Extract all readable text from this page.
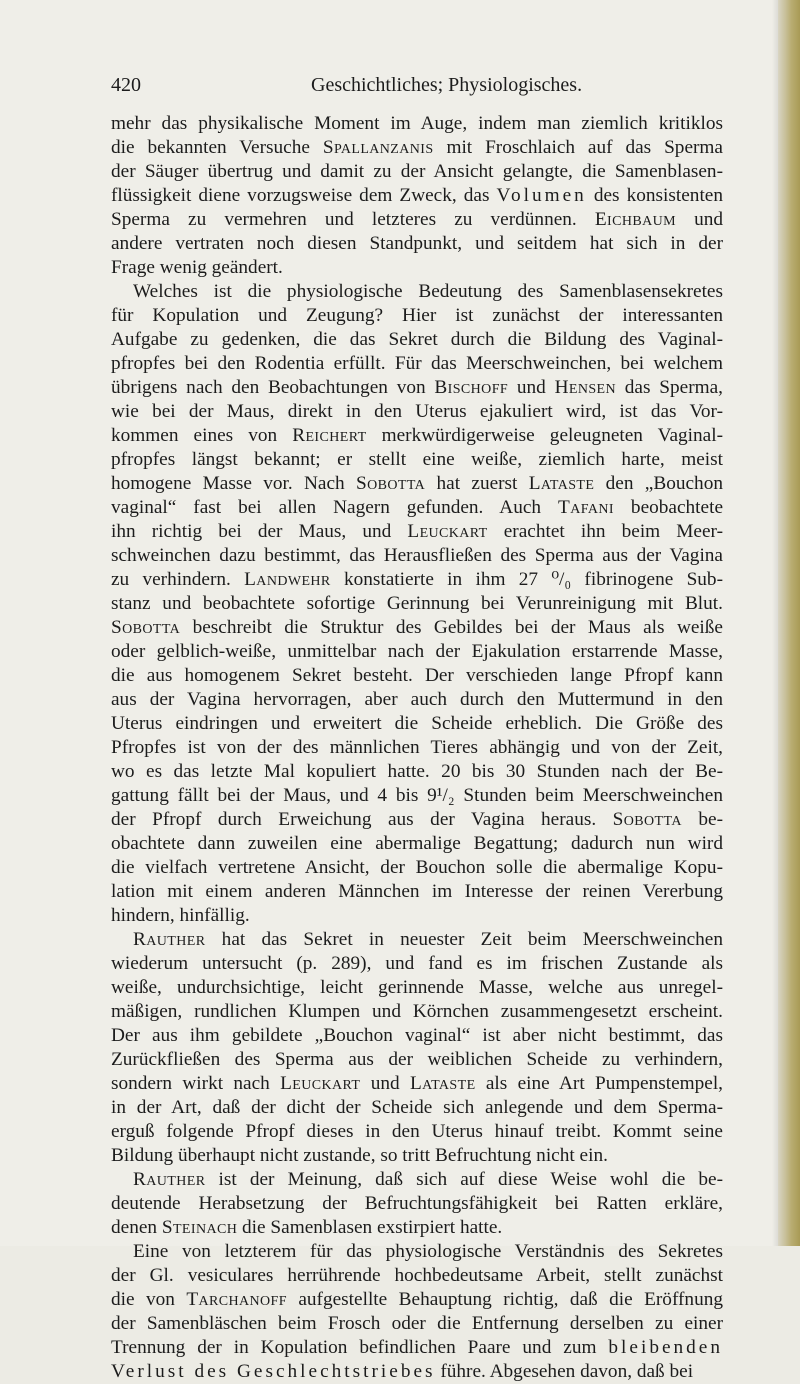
420	Geschichtliches; Physiologisches.
mehr das physikalische Moment im Auge, indem man ziemlich kritiklos
die bekannten Versuche Spallanzanis mit Froschlaich auf das Sperma
der Säuger übertrug und damit zu der Ansicht gelangte, die Samenblasen-
flüssigkeit diene vorzugsweise dem Zweck, das Volumen des konsistenten
Sperma zu vermehren und letzteres zu verdünnen. Eichbaum und
andere vertraten noch diesen Standpunkt, und seitdem hat sich in der
Frage wenig geändert.
Welches ist die physiologische Bedeutung des Samenblasensekretes
für Kopulation und Zeugung? Hier ist zunächst der interessanten
Aufgabe zu gedenken, die das Sekret durch die Bildung des Vaginal-
pfropfes bei den Rodentia erfüllt. Für das Meerschweinchen, bei welchem
übrigens nach den Beobachtungen von Bischoff und Hensen das Sperma,
wie bei der Maus, direkt in den Uterus ejakuliert wird, ist das Vor-
kommen eines von Reichert merkwürdigerweise geleugneten Vaginal-
pfropfes längst bekannt; er stellt eine weiße, ziemlich harte, meist
homogene Masse vor. Nach Sobotta hat zuerst Lataste den „Bouchon
vaginal“ fast bei allen Nagern gefunden. Auch Tafani beobachtete
ihn richtig bei der Maus, und Leuckart erachtet ihn beim Meer-
schweinchen dazu bestimmt, das Herausfließen des Sperma aus der Vagina
zu verhindern. Landwehr konstatierte in ihm 27 ⁰/₀ fibrinogene Sub-
stanz und beobachtete sofortige Gerinnung bei Verunreinigung mit Blut.
Sobotta beschreibt die Struktur des Gebildes bei der Maus als weiße
oder gelblich-weiße, unmittelbar nach der Ejakulation erstarrende Masse,
die aus homogenem Sekret besteht. Der verschieden lange Pfropf kann
aus der Vagina hervorragen, aber auch durch den Muttermund in den
Uterus eindringen und erweitert die Scheide erheblich. Die Größe des
Pfropfes ist von der des männlichen Tieres abhängig und von der Zeit,
wo es das letzte Mal kopuliert hatte. 20 bis 30 Stunden nach der Be-
gattung fällt bei der Maus, und 4 bis 9¹/₂ Stunden beim Meerschweinchen
der Pfropf durch Erweichung aus der Vagina heraus. Sobotta be-
obachtete dann zuweilen eine abermalige Begattung; dadurch nun wird
die vielfach vertretene Ansicht, der Bouchon solle die abermalige Kopu-
lation mit einem anderen Männchen im Interesse der reinen Vererbung
hindern, hinfällig.
Rauther hat das Sekret in neuester Zeit beim Meerschweinchen
wiederum untersucht (p. 289), und fand es im frischen Zustande als
weiße, undurchsichtige, leicht gerinnende Masse, welche aus unregel-
mäßigen, rundlichen Klumpen und Körnchen zusammengesetzt erscheint.
Der aus ihm gebildete „Bouchon vaginal“ ist aber nicht bestimmt, das
Zurückfließen des Sperma aus der weiblichen Scheide zu verhindern,
sondern wirkt nach Leuckart und Lataste als eine Art Pumpenstempel,
in der Art, daß der dicht der Scheide sich anlegende und dem Sperma-
erguß folgende Pfropf dieses in den Uterus hinauf treibt. Kommt seine
Bildung überhaupt nicht zustande, so tritt Befruchtung nicht ein.
Rauther ist der Meinung, daß sich auf diese Weise wohl die be-
deutende Herabsetzung der Befruchtungsfähigkeit bei Ratten erkläre,
denen Steinach die Samenblasen exstirpiert hatte.
Eine von letzterem für das physiologische Verständnis des Sekretes
der Gl. vesiculares herrührende hochbedeutsame Arbeit, stellt zunächst
die von Tarchanoff aufgestellte Behauptung richtig, daß die Eröffnung
der Samenbläschen beim Frosch oder die Entfernung derselben zu einer
Trennung der in Kopulation befindlichen Paare und zum bleibenden
Verlust des Geschlechtstriebes führe. Abgesehen davon, daß bei
